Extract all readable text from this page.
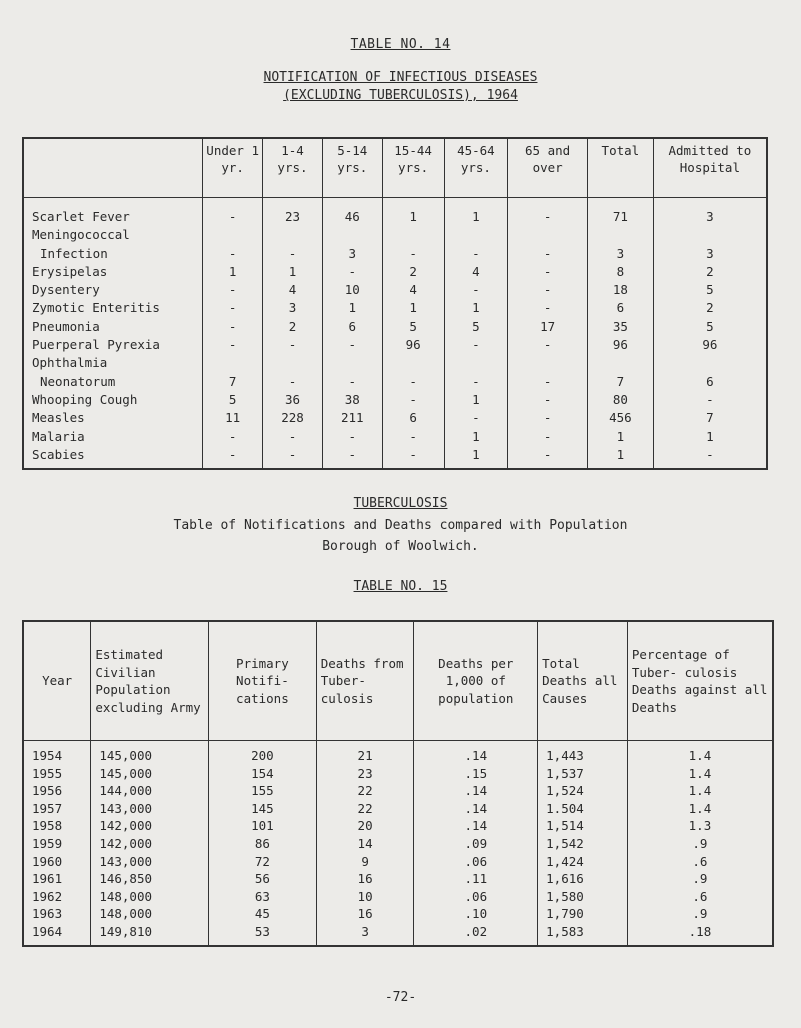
TABLE NO. 14
NOTIFICATION OF INFECTIOUS DISEASES
(EXCLUDING TUBERCULOSIS), 1964
	Under 1 yr.	1-4 yrs.	5-14 yrs.	15-44 yrs.	45-64 yrs.	65 and over	Total	Admitted to Hospital
Scarlet Fever	-	23	46	1	1	-	71	3
Meningococcal								
Infection	-	-	3	-	-	-	3	3
Erysipelas	1	1	-	2	4	-	8	2
Dysentery	-	4	10	4	-	-	18	5
Zymotic Enteritis	-	3	1	1	1	-	6	2
Pneumonia	-	2	6	5	5	17	35	5
Puerperal Pyrexia	-	-	-	96	-	-	96	96
Ophthalmia								
Neonatorum	7	-	-	-	-	-	7	6
Whooping Cough	5	36	38	-	1	-	80	-
Measles	11	228	211	6	-	-	456	7
Malaria	-	-	-	-	1	-	1	1
Scabies	-	-	-	-	1	-	1	-
TUBERCULOSIS
Table of Notifications and Deaths compared with Population
Borough of Woolwich.
TABLE NO. 15
Year	Estimated Civilian Population excluding Army	Primary Notifi- cations	Deaths from Tuber- culosis	Deaths per 1,000 of population	Total Deaths all Causes	Percentage of Tuber- culosis Deaths against all Deaths
1954	145,000	200	21	.14	1,443	1.4
1955	145,000	154	23	.15	1,537	1.4
1956	144,000	155	22	.14	1,524	1.4
1957	143,000	145	22	.14	1.504	1.4
1958	142,000	101	20	.14	1,514	1.3
1959	142,000	86	14	.09	1,542	.9
1960	143,000	72	9	.06	1,424	.6
1961	146,850	56	16	.11	1,616	.9
1962	148,000	63	10	.06	1,580	.6
1963	148,000	45	16	.10	1,790	.9
1964	149,810	53	3	.02	1,583	.18
-72-
